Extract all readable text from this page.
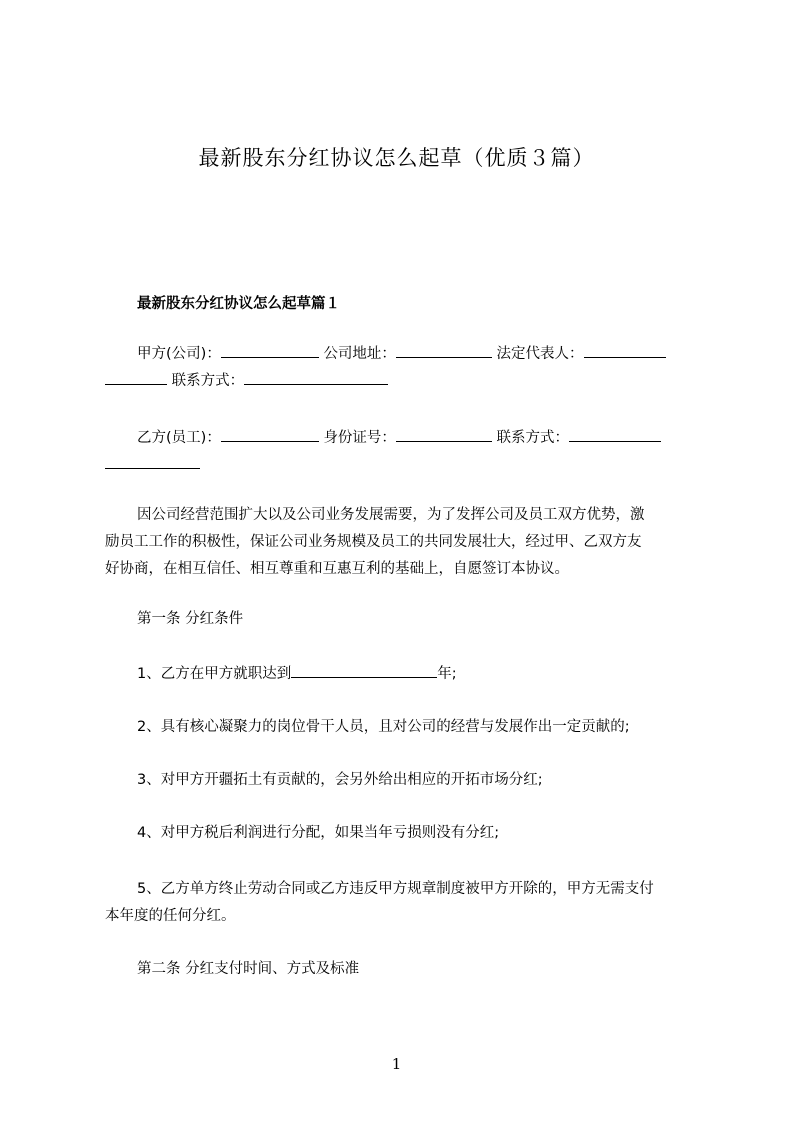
最新股东分红协议怎么起草（优质３篇）
最新股东分红协议怎么起草篇１
甲方(公司)：	公司地址：	法定代表人：
联系方式：
乙方(员工)：	身份证号：	联系方式：
因公司经营范围扩大以及公司业务发展需要，为了发挥公司及员工双方优势，激
励员工工作的积极性，保证公司业务规模及员工的共同发展壮大，经过甲、乙双方友
好协商，在相互信任、相互尊重和互惠互利的基础上，自愿签订本协议。
第一条 分红条件
1、乙方在甲方就职达到	年;
2、具有核心凝聚力的岗位骨干人员，且对公司的经营与发展作出一定贡献的;
3、对甲方开疆拓土有贡献的，会另外给出相应的开拓市场分红;
4、对甲方税后利润进行分配，如果当年亏损则没有分红;
5、乙方单方终止劳动合同或乙方违反甲方规章制度被甲方开除的，甲方无需支付
本年度的任何分红。
第二条 分红支付时间、方式及标准
1
